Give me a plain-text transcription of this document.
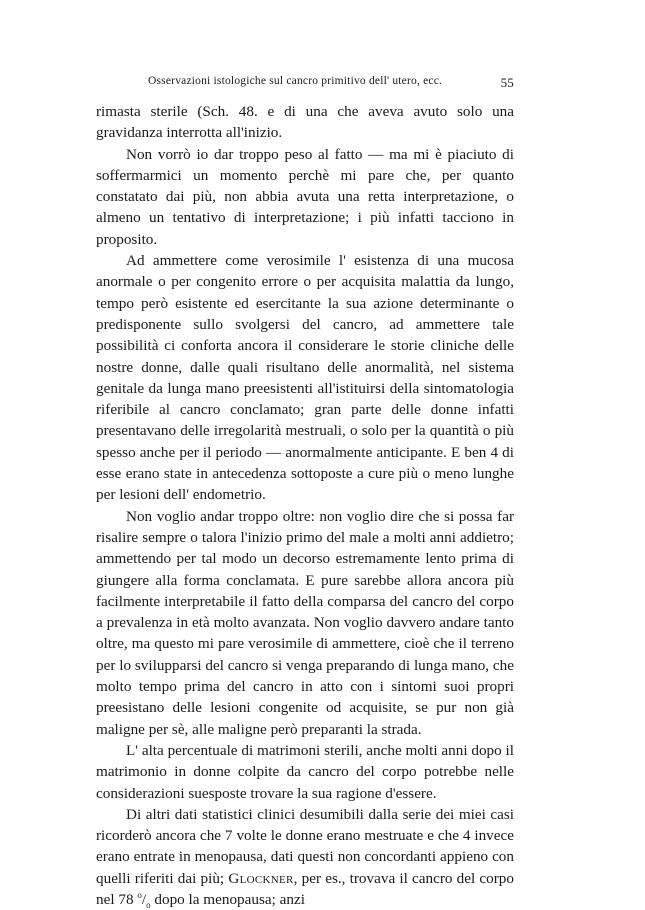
Osservazioni istologiche sul cancro primitivo dell' utero, ecc.	55

rimasta sterile (Sch. 48. e di una che aveva avuto solo una gravidanza interrotta all'inizio.

Non vorrò io dar troppo peso al fatto — ma mi è piaciuto di soffermarmici un momento perchè mi pare che, per quanto constatato dai più, non abbia avuta una retta interpretazione, o almeno un tentativo di interpretazione; i più infatti tacciono in proposito.

Ad ammettere come verosimile l' esistenza di una mucosa anormale o per congenito errore o per acquisita malattia da lungo, tempo però esistente ed esercitante la sua azione determinante o predisponente sullo svolgersi del cancro, ad ammettere tale possibilità ci conforta ancora il considerare le storie cliniche delle nostre donne, dalle quali risultano delle anormalità, nel sistema genitale da lunga mano preesistenti all'istituirsi della sintomatologia riferibile al cancro conclamato; gran parte delle donne infatti presentavano delle irregolarità mestruali, o solo per la quantità o più spesso anche per il periodo — anormalmente anticipante. E ben 4 di esse erano state in antecedenza sottoposte a cure più o meno lunghe per lesioni dell' endometrio.

Non voglio andar troppo oltre: non voglio dire che si possa far risalire sempre o talora l'inizio primo del male a molti anni addietro; ammettendo per tal modo un decorso estremamente lento prima di giungere alla forma conclamata. E pure sarebbe allora ancora più facilmente interpretabile il fatto della comparsa del cancro del corpo a prevalenza in età molto avanzata. Non voglio davvero andare tanto oltre, ma questo mi pare verosimile di ammettere, cioè che il terreno per lo svilupparsi del cancro si venga preparando di lunga mano, che molto tempo prima del cancro in atto con i sintomi suoi propri preesistano delle lesioni congenite od acquisite, se pur non già maligne per sè, alle maligne però preparanti la strada.

L' alta percentuale di matrimoni sterili, anche molti anni dopo il matrimonio in donne colpite da cancro del corpo potrebbe nelle considerazioni suesposte trovare la sua ragione d'essere.

Di altri dati statistici clinici desumibili dalla serie dei miei casi ricorderò ancora che 7 volte le donne erano mestruate e che 4 invece erano entrate in menopausa, dati questi non concordanti appieno con quelli riferiti dai più; Glockner, per es., trovava il cancro del corpo nel 78 $^o/_o$ dopo la menopausa; anzi
